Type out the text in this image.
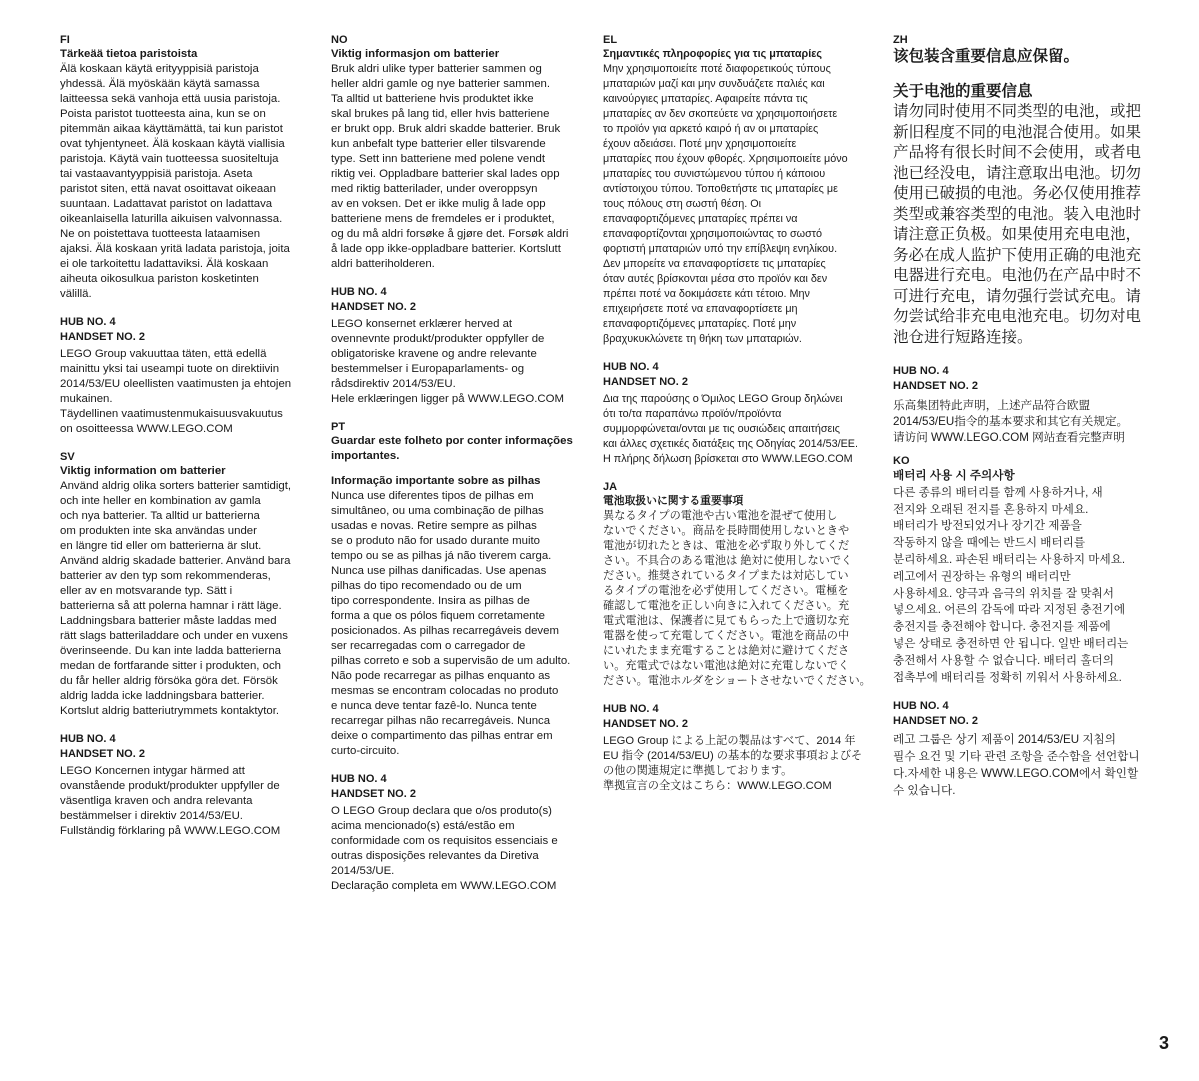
FI

Tärkeää tietoa paristoista

Älä koskaan käytä erityyppisiä paristoja
yhdessä. Älä myöskään käytä samassa
laitteessa sekä vanhoja että uusia paristoja.
Poista paristot tuotteesta aina, kun se on
pitemmän aikaa käyttämättä, tai kun paristot
ovat tyhjentyneet. Älä koskaan käytä viallisia
paristoja. Käytä vain tuotteessa suositeltuja
tai vastaavantyyppisiä paristoja. Aseta
paristot siten, että navat osoittavat oikeaan
suuntaan. Ladattavat paristot on ladattava
oikeanlaisella laturilla aikuisen valvonnassa.
Ne on poistettava tuotteesta lataamisen
ajaksi. Älä koskaan yritä ladata paristoja, joita
ei ole tarkoitettu ladattaviksi. Älä koskaan
aiheuta oikosulkua pariston kosketinten
välillä.

HUB NO. 4
HANDSET NO. 2

LEGO Group vakuuttaa täten, että edellä
mainittu yksi tai useampi tuote on direktiivin
2014/53/EU oleellisten vaatimusten ja ehtojen
mukainen.
Täydellinen vaatimustenmukaisuusvakuutus
on osoitteessa WWW.LEGO.COM

SV

Viktig information om batterier

Använd aldrig olika sorters batterier samtidigt,
och inte heller en kombination av gamla
och nya batterier. Ta alltid ur batterierna
om produkten inte ska användas under
en längre tid eller om batterierna är slut.
Använd aldrig skadade batterier. Använd bara
batterier av den typ som rekommenderas,
eller av en motsvarande typ. Sätt i
batterierna så att polerna hamnar i rätt läge.
Laddningsbara batterier måste laddas med
rätt slags batteriladdare och under en vuxens
överinseende. Du kan inte ladda batterierna
medan de fortfarande sitter i produkten, och
du får heller aldrig försöka göra det. Försök
aldrig ladda icke laddningsbara batterier.
Kortslut aldrig batteriutrymmets kontaktytor.

HUB NO. 4
HANDSET NO. 2

LEGO Koncernen intygar härmed att
ovanstående produkt/produkter uppfyller de
väsentliga kraven och andra relevanta
bestämmelser i direktiv 2014/53/EU.
Fullständig förklaring på WWW.LEGO.COM

NO

Viktig informasjon om batterier

Bruk aldri ulike typer batterier sammen og
heller aldri gamle og nye batterier sammen.
Ta alltid ut batteriene hvis produktet ikke
skal brukes på lang tid, eller hvis batteriene
er brukt opp. Bruk aldri skadde batterier. Bruk
kun anbefalt type batterier eller tilsvarende
type. Sett inn batteriene med polene vendt
riktig vei. Oppladbare batterier skal lades opp
med riktig batterilader, under overoppsyn
av en voksen. Det er ikke mulig å lade opp
batteriene mens de fremdeles er i produktet,
og du må aldri forsøke å gjøre det. Forsøk aldri
å lade opp ikke-oppladbare batterier. Kortslutt
aldri batteriholderen.

HUB NO. 4
HANDSET NO. 2

LEGO konsernet erklærer herved at
ovennevnte produkt/produkter oppfyller de
obligatoriske kravene og andre relevante
bestemmelser i Europaparlaments- og
rådsdirektiv 2014/53/EU.
Hele erklæringen ligger på WWW.LEGO.COM

PT

Guardar este folheto por conter informações
importantes.

Informação importante sobre as pilhas

Nunca use diferentes tipos de pilhas em
simultâneo, ou uma combinação de pilhas
usadas e novas. Retire sempre as pilhas
se o produto não for usado durante muito
tempo ou se as pilhas já não tiverem carga.
Nunca use pilhas danificadas. Use apenas
pilhas do tipo recomendado ou de um
tipo correspondente. Insira as pilhas de
forma a que os pólos fiquem corretamente
posicionados. As pilhas recarregáveis devem
ser recarregadas com o carregador de
pilhas correto e sob a supervisão de um adulto.
Não pode recarregar as pilhas enquanto as
mesmas se encontram colocadas no produto
e nunca deve tentar fazê-lo. Nunca tente
recarregar pilhas não recarregáveis. Nunca
deixe o compartimento das pilhas entrar em
curto-circuito.

HUB NO. 4
HANDSET NO. 2

O LEGO Group declara que o/os produto(s)
acima mencionado(s) está/estão em
conformidade com os requisitos essenciais e
outras disposições relevantes da Diretiva
2014/53/UE.
Declaração completa em WWW.LEGO.COM

EL

Σημαντικές πληροφορίες για τις μπαταρίες

Μην χρησιμοποιείτε ποτέ διαφορετικούς τύπους
μπαταριών μαζί και μην συνδυάζετε παλιές και
καινούργιες μπαταρίες. Αφαιρείτε πάντα τις
μπαταρίες αν δεν σκοπεύετε να χρησιμοποιήσετε
το προϊόν για αρκετό καιρό ή αν οι μπαταρίες
έχουν αδειάσει. Ποτέ μην χρησιμοποιείτε
μπαταρίες που έχουν φθορές. Χρησιμοποιείτε μόνο
μπαταρίες του συνιστώμενου τύπου ή κάποιου
αντίστοιχου τύπου. Τοποθετήστε τις μπαταρίες με
τους πόλους στη σωστή θέση. Οι
επαναφορτιζόμενες μπαταρίες πρέπει να
επαναφορτίζονται χρησιμοποιώντας το σωστό
φορτιστή μπαταριών υπό την επίβλεψη ενηλίκου.
Δεν μπορείτε να επαναφορτίσετε τις μπαταρίες
όταν αυτές βρίσκονται μέσα στο προϊόν και δεν
πρέπει ποτέ να δοκιμάσετε κάτι τέτοιο. Μην
επιχειρήσετε ποτέ να επαναφορτίσετε μη
επαναφορτιζόμενες μπαταρίες. Ποτέ μην
βραχυκυκλώνετε τη θήκη των μπαταριών.

HUB NO. 4
HANDSET NO. 2

Δια της παρούσης ο Όμιλος LEGO Group δηλώνει
ότι το/τα παραπάνω προϊόν/προϊόντα
συμμορφώνεται/ονται με τις ουσιώδεις απαιτήσεις
και άλλες σχετικές διατάξεις της Οδηγίας 2014/53/ΕΕ.
Η πλήρης δήλωση βρίσκεται στο WWW.LEGO.COM

JA

電池取扱いに関する重要事項

異なるタイプの電池や古い電池を混ぜて使用し
ないでください。商品を長時間使用しないときや
電池が切れたときは、電池を必ず取り外してくだ
さい。不具合のある電池は 絶対に使用しないでく
ださい。推奨されているタイプまたは対応してい
るタイプの電池を必ず使用してください。電極を
確認して電池を正しい向きに入れてください。充
電式電池は、保護者に見てもらった上で適切な充
電器を使って充電してください。電池を商品の中
にいれたまま充電することは絶対に避けてくださ
い。充電式ではない電池は絶対に充電しないでく
ださい。電池ホルダをショートさせないでください。

HUB NO. 4
HANDSET NO. 2

LEGO Group による上記の製品はすべて、2014 年
EU 指令 (2014/53/EU) の基本的な要求事項およびそ
の他の関連規定に準拠しております。
準拠宣言の全文はこちら：WWW.LEGO.COM

ZH

该包装含重要信息应保留。

关于电池的重要信息

请勿同时使用不同类型的电池，或把
新旧程度不同的电池混合使用。如果
产品将有很长时间不会使用，或者电
池已经没电，请注意取出电池。切勿
使用已破损的电池。务必仅使用推荐
类型或兼容类型的电池。装入电池时
请注意正负极。如果使用充电电池，
务必在成人监护下使用正确的电池充
电器进行充电。电池仍在产品中时不
可进行充电，请勿强行尝试充电。请
勿尝试给非充电电池充电。切勿对电
池仓进行短路连接。

HUB NO. 4
HANDSET NO. 2

乐高集团特此声明，上述产品符合欧盟
2014/53/EU指令的基本要求和其它有关规定。
请访问 WWW.LEGO.COM 网站查看完整声明

KO

배터리 사용 시 주의사항

다른 종류의 배터리를 함께 사용하거나, 새
전지와 오래된 전지를 혼용하지 마세요.
배터리가 방전되었거나 장기간 제품을
작동하지 않을 때에는 반드시 배터리를
분리하세요. 파손된 배터리는 사용하지 마세요.
레고에서 권장하는 유형의 배터리만
사용하세요. 양극과 음극의 위치를 잘 맞춰서
넣으세요. 어른의 감독에 따라 지정된 충전기에
충전지를 충전해야 합니다. 충전지를 제품에
넣은 상태로 충전하면 안 됩니다. 일반 배터리는
충전해서 사용할 수 없습니다. 배터리 홀더의
접촉부에 배터리를 정확히 끼워서 사용하세요.

HUB NO. 4
HANDSET NO. 2

레고 그룹은 상기 제품이 2014/53/EU 지침의
필수 요건 및 기타 관련 조항을 준수함을 선언합니
다.자세한 내용은 WWW.LEGO.COM에서 확인할
수 있습니다.

3
